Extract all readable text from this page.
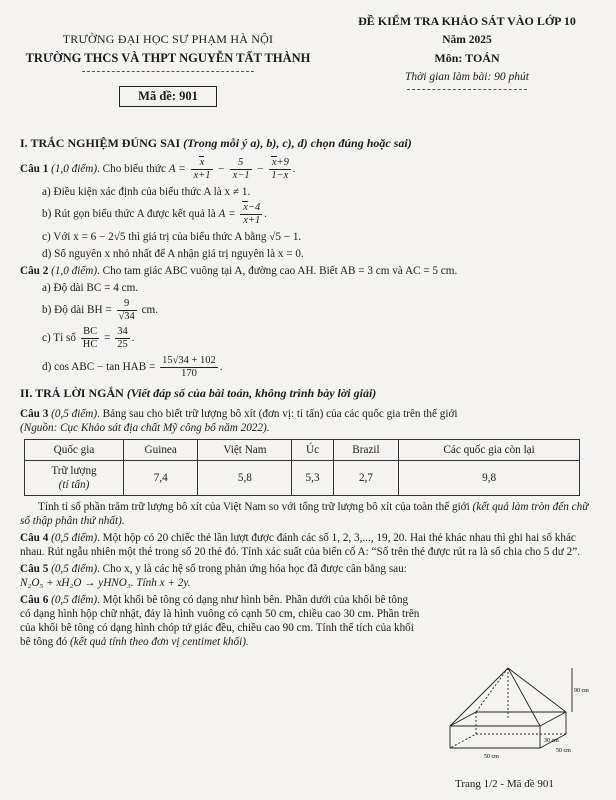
TRƯỜNG ĐẠI HỌC SƯ PHẠM HÀ NỘI
TRƯỜNG THCS VÀ THPT NGUYỄN TẤT THÀNH
Mã đề: 901
ĐỀ KIỂM TRA KHẢO SÁT VÀO LỚP 10
Năm 2025
Môn: TOÁN
Thời gian làm bài: 90 phút
I. TRẮC NGHIỆM ĐÚNG SAI (Trong mỗi ý a), b), c), d) chọn đúng hoặc sai)
Câu 1 (1,0 điểm). Cho biểu thức $A = \frac{x}{x+1} - \frac{5}{x-1} - \frac{x+9}{1-x}$ .
a) Điều kiện xác định của biểu thức A là x ≠ 1.
b) Rút gọn biểu thức A được kết quả là $A = \frac{x-4}{x+1}$ .
c) Với x = 6 − 2√5 thì giá trị của biểu thức A bằng √5 − 1.
d) Số nguyên x nhỏ nhất để A nhận giá trị nguyên là x = 0.
Câu 2 (1,0 điểm). Cho tam giác ABC vuông tại A, đường cao AH. Biết AB = 3 cm và AC = 5 cm.
a) Độ dài BC = 4 cm.
b) Độ dài BH = $\frac{9}{√34}$ cm.
c) Tỉ số $\frac{BC}{HC} = \frac{34}{25}$ .
d) cos ABC − tan HAB = $\frac{15√34 + 102}{170}$ .
II. TRẢ LỜI NGẮN (Viết đáp số của bài toán, không trình bày lời giải)
Câu 3 (0,5 điểm). Bảng sau cho biết trữ lượng bô xít (đơn vị: tỉ tấn) của các quốc gia trên thế giới
(Nguồn: Cục Khảo sát địa chất Mỹ công bố năm 2022).
Quốc gia	Guinea	Việt Nam	Úc	Brazil	Các quốc gia còn lại
Trữ lượng
(tỉ tấn)	7,4	5,8	5,3	2,7	9,8
Tính tỉ số phần trăm trữ lượng bô xít của Việt Nam so với tổng trữ lượng bô xít của toàn thế giới (kết quả làm tròn đến chữ số thập phân thứ nhất).
Câu 4 (0,5 điểm). Một hộp có 20 chiếc thẻ lần lượt được đánh các số 1, 2, 3,..., 19, 20. Hai thẻ khác nhau thì ghi hai số khác nhau. Rút ngẫu nhiên một thẻ trong số 20 thẻ đó. Tính xác suất của biến cố A: “Số trên thẻ được rút ra là số chia cho 5 dư 2”.
Câu 5 (0,5 điểm). Cho x, y là các hệ số trong phản ứng hóa học đã được cân bằng sau:
N₂O₅ + xH₂O → yHNO₃. Tính x + 2y.
Câu 6 (0,5 điểm). Một khối bê tông có dạng như hình bên. Phần dưới của khối bê tông có dạng hình hộp chữ nhật, đáy là hình vuông có cạnh 50 cm, chiều cao 30 cm. Phần trên của khối bê tông có dạng hình chóp tứ giác đều, chiều cao 90 cm. Tính thể tích của khối bê tông đó (kết quả tính theo đơn vị centimet khối).
90 cm
30 cm
50 cm
50 cm
Trang 1/2 - Mã đề 901
